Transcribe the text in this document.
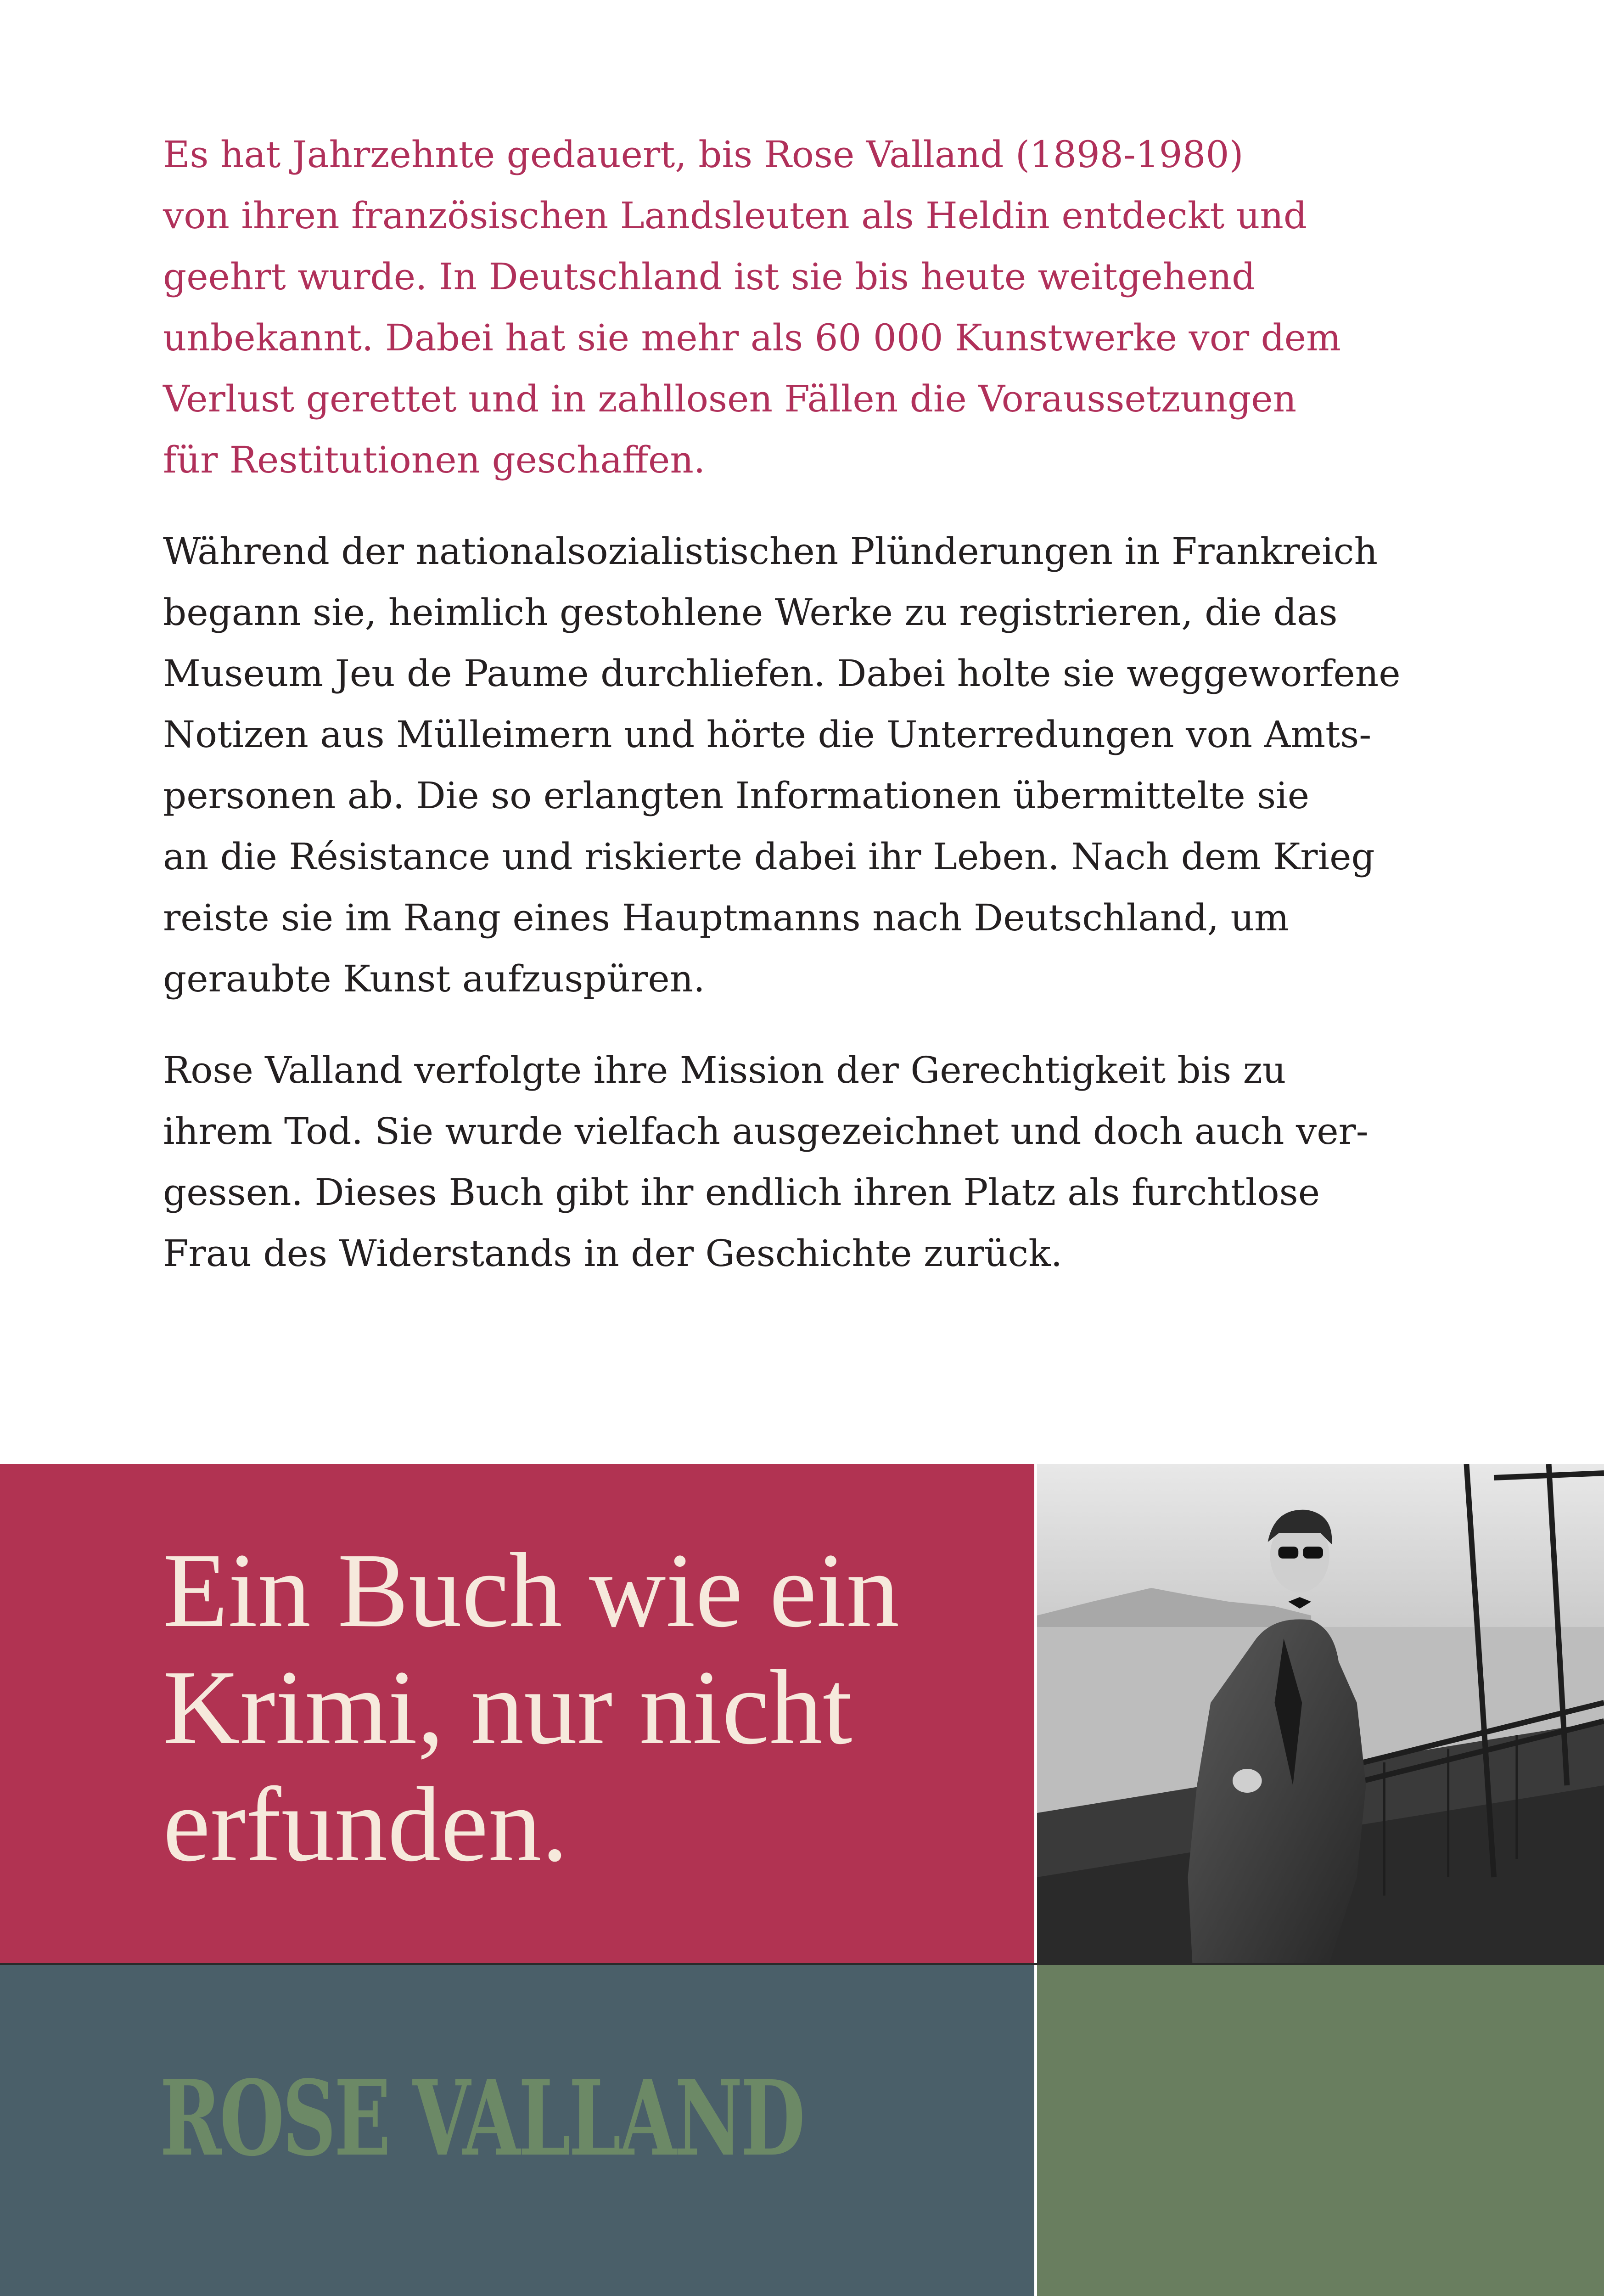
Es hat Jahrzehnte gedauert, bis Rose Valland (1898-1980)
von ihren französischen Landsleuten als Heldin entdeckt und
geehrt wurde. In Deutschland ist sie bis heute weitgehend
unbekannt. Dabei hat sie mehr als 60 000 Kunstwerke vor dem
Verlust gerettet und in zahllosen Fällen die Voraussetzungen
für Restitutionen geschaffen.

Während der nationalsozialistischen Plünderungen in Frankreich
begann sie, heimlich gestohlene Werke zu registrieren, die das
Museum Jeu de Paume durchliefen. Dabei holte sie weggeworfene
Notizen aus Mülleimern und hörte die Unterredungen von Amts-
personen ab. Die so erlangten Informationen übermittelte sie
an die Résistance und riskierte dabei ihr Leben. Nach dem Krieg
reiste sie im Rang eines Hauptmanns nach Deutschland, um
geraubte Kunst aufzuspüren.

Rose Valland verfolgte ihre Mission der Gerechtigkeit bis zu
ihrem Tod. Sie wurde vielfach ausgezeichnet und doch auch ver-
gessen. Dieses Buch gibt ihr endlich ihren Platz als furchtlose
Frau des Widerstands in der Geschichte zurück.

Ein Buch wie ein
Krimi, nur nicht
erfunden.

ROSE VALLAND
